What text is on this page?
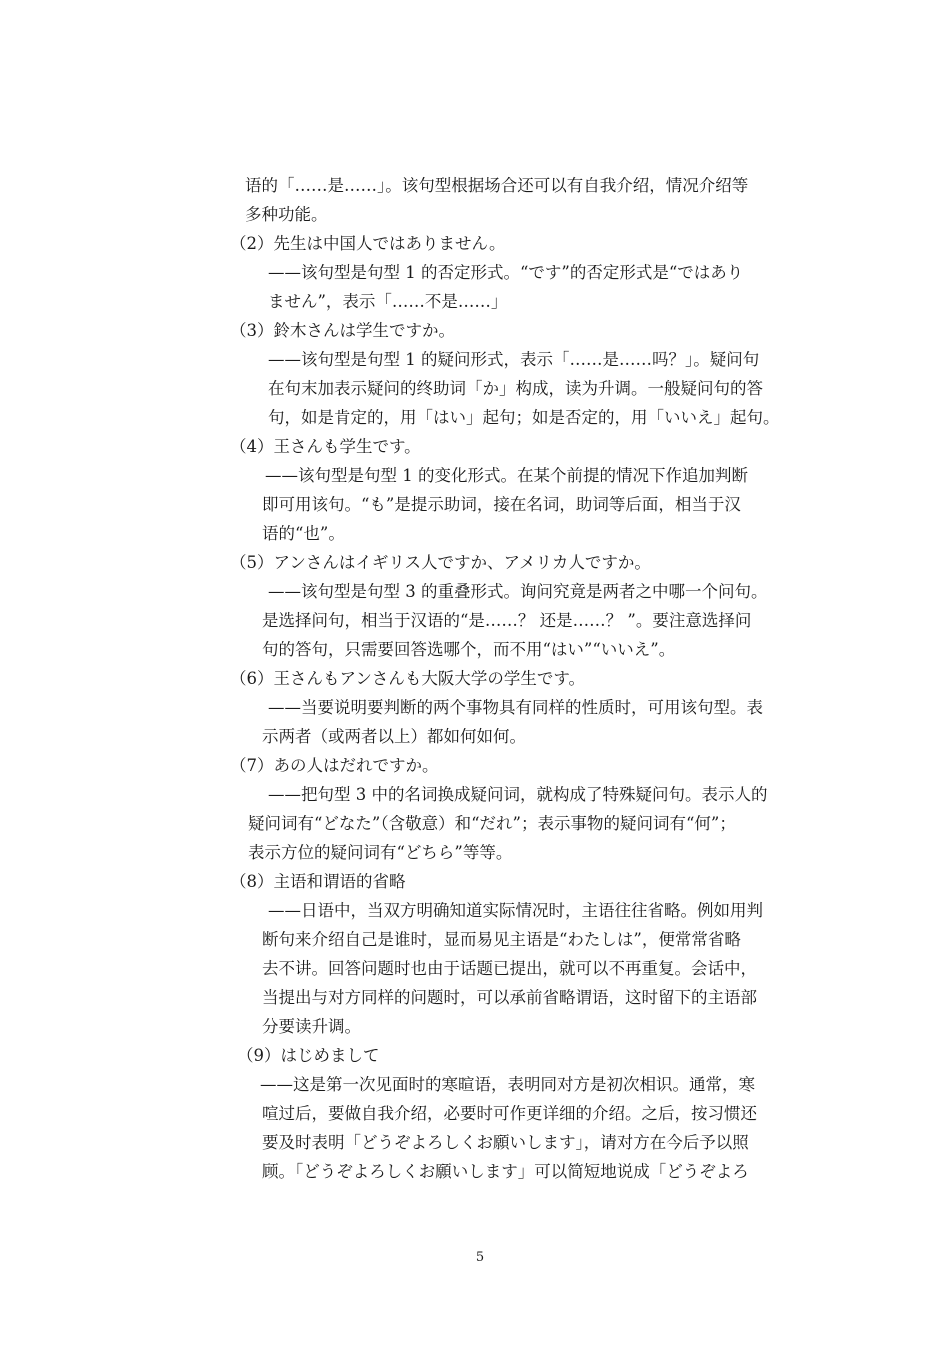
语的「……是……」。该句型根据场合还可以有自我介绍，情况介绍等
多种功能。
（2）先生は中国人ではありません。
——该句型是句型 1 的否定形式。“です”的否定形式是“ではあり
ません”，表示「……不是……」
（3）鈴木さんは学生ですか。
——该句型是句型 1 的疑问形式，表示「……是……吗？」。疑问句
在句末加表示疑问的终助词「か」构成，读为升调。一般疑问句的答
句，如是肯定的，用「はい」起句；如是否定的，用「いいえ」起句。
（4）王さんも学生です。
——该句型是句型 1 的变化形式。在某个前提的情况下作追加判断
即可用该句。“も”是提示助词，接在名词，助词等后面，相当于汉
语的“也”。
（5）アンさんはイギリス人ですか、アメリカ人ですか。
——该句型是句型 3 的重叠形式。询问究竟是两者之中哪一个问句。
是选择问句，相当于汉语的“是……？ 还是……？ ”。要注意选择问
句的答句，只需要回答选哪个，而不用“はい”“いいえ”。
（6）王さんもアンさんも大阪大学の学生です。
——当要说明要判断的两个事物具有同样的性质时，可用该句型。表
示两者（或两者以上）都如何如何。
（7）あの人はだれですか。
——把句型 3 中的名词换成疑问词，就构成了特殊疑问句。表示人的
疑问词有“どなた”（含敬意）和“だれ”；表示事物的疑问词有“何”；
表示方位的疑问词有“どちら”等等。
（8）主语和谓语的省略
——日语中，当双方明确知道实际情况时，主语往往省略。例如用判
断句来介绍自己是谁时，显而易见主语是“わたしは”，便常常省略
去不讲。回答问题时也由于话题已提出，就可以不再重复。会话中，
当提出与对方同样的问题时，可以承前省略谓语，这时留下的主语部
分要读升调。
（9）はじめまして
——这是第一次见面时的寒暄语，表明同对方是初次相识。通常，寒
喧过后，要做自我介绍，必要时可作更详细的介绍。之后，按习惯还
要及时表明「どうぞよろしくお願いします」，请对方在今后予以照
顾。「どうぞよろしくお願いします」可以简短地说成「どうぞよろ
5
